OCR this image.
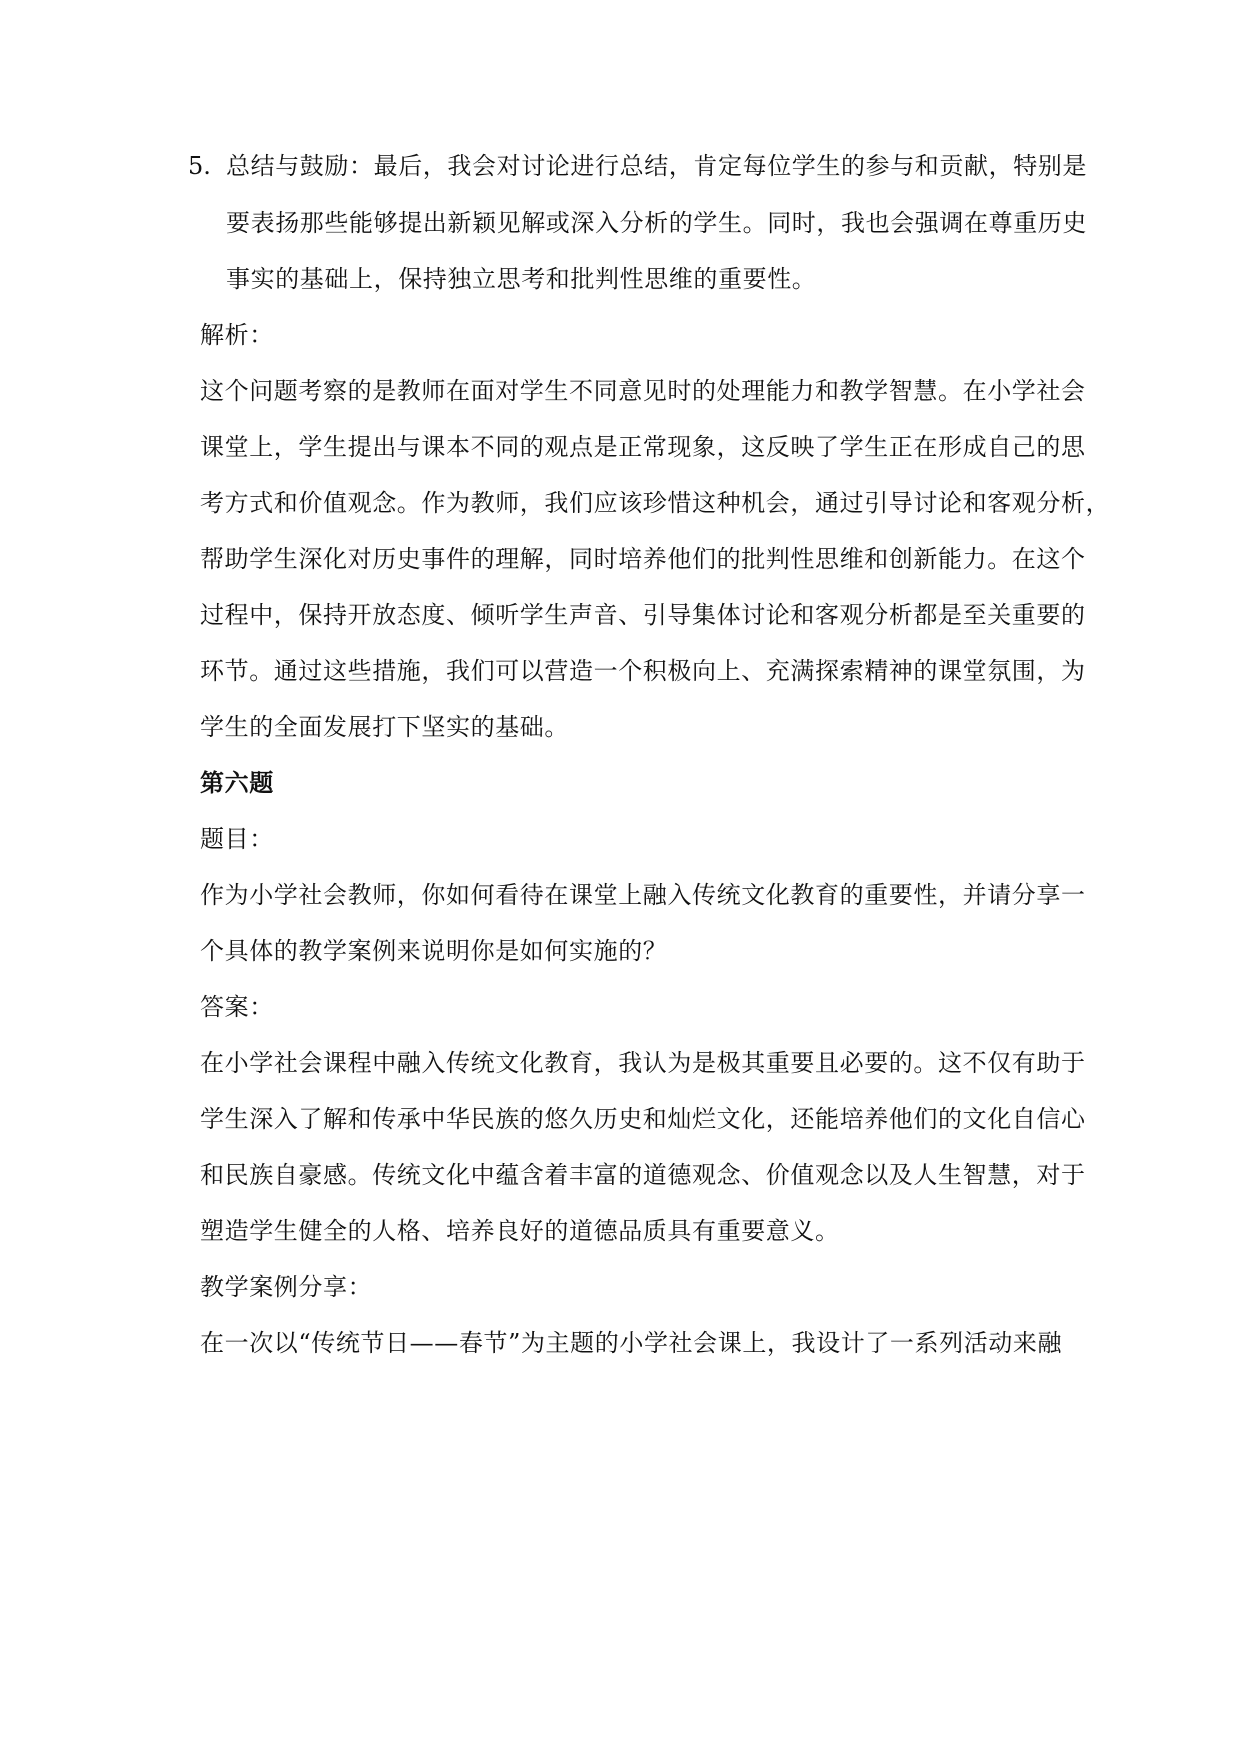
5. 总结与鼓励：最后，我会对讨论进行总结，肯定每位学生的参与和贡献，特别是
要表扬那些能够提出新颖见解或深入分析的学生。同时，我也会强调在尊重历史
事实的基础上，保持独立思考和批判性思维的重要性。
解析：
这个问题考察的是教师在面对学生不同意见时的处理能力和教学智慧。在小学社会
课堂上，学生提出与课本不同的观点是正常现象，这反映了学生正在形成自己的思
考方式和价值观念。作为教师，我们应该珍惜这种机会，通过引导讨论和客观分析，
帮助学生深化对历史事件的理解，同时培养他们的批判性思维和创新能力。在这个
过程中，保持开放态度、倾听学生声音、引导集体讨论和客观分析都是至关重要的
环节。通过这些措施，我们可以营造一个积极向上、充满探索精神的课堂氛围，为
学生的全面发展打下坚实的基础。
第六题
题目：
作为小学社会教师，你如何看待在课堂上融入传统文化教育的重要性，并请分享一
个具体的教学案例来说明你是如何实施的？
答案：
在小学社会课程中融入传统文化教育，我认为是极其重要且必要的。这不仅有助于
学生深入了解和传承中华民族的悠久历史和灿烂文化，还能培养他们的文化自信心
和民族自豪感。传统文化中蕴含着丰富的道德观念、价值观念以及人生智慧，对于
塑造学生健全的人格、培养良好的道德品质具有重要意义。
教学案例分享：
在一次以“传统节日——春节”为主题的小学社会课上，我设计了一系列活动来融
